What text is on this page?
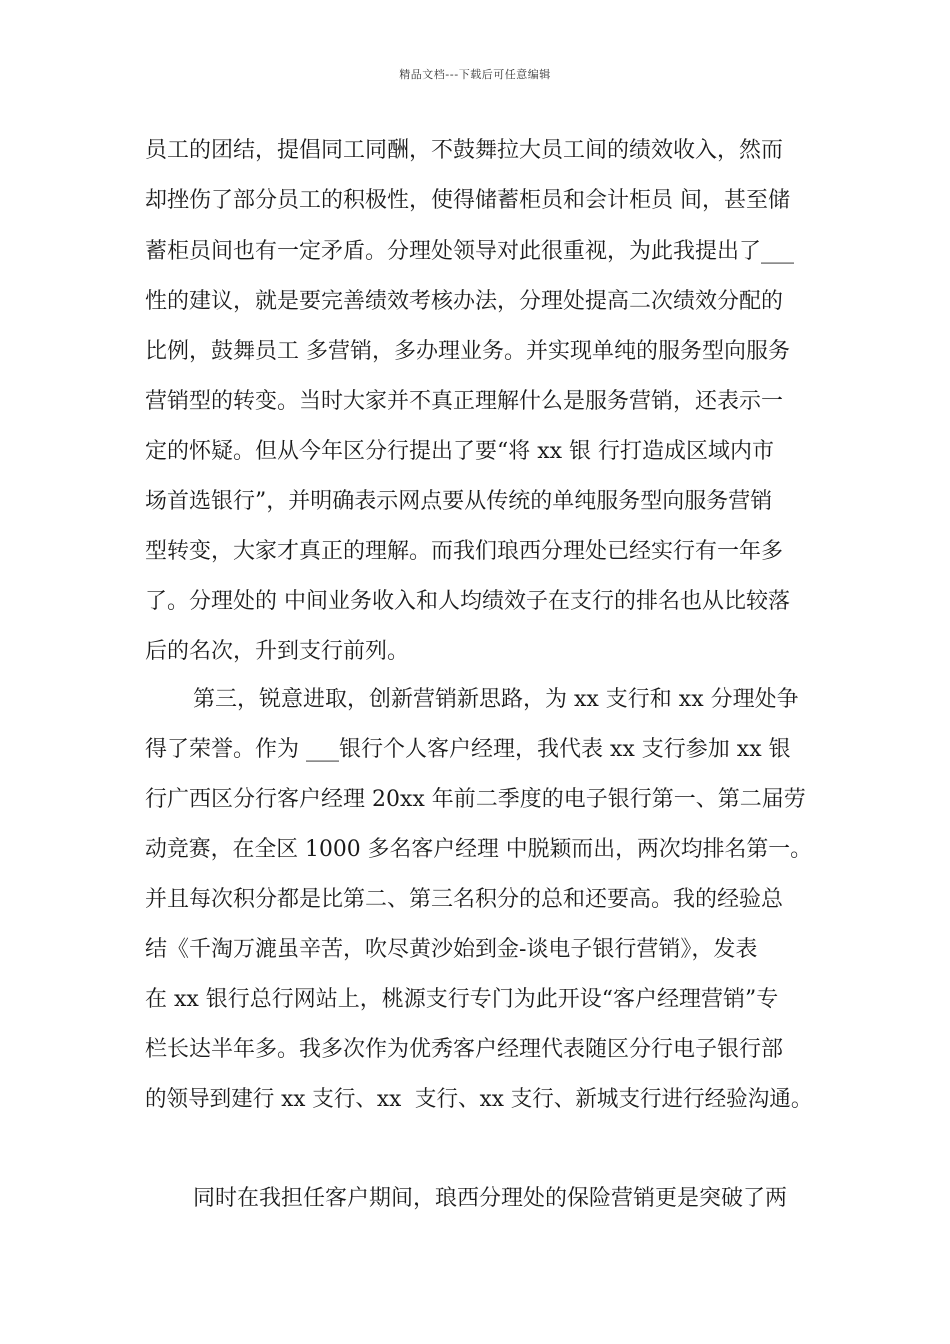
精品文档---下载后可任意编辑
员工的团结，提倡同工同酬，不鼓舞拉大员工间的绩效收入，然而
却挫伤了部分员工的积极性，使得储蓄柜员和会计柜员 间，甚至储
蓄柜员间也有一定矛盾。分理处领导对此很重视，为此我提出了___
性的建议，就是要完善绩效考核办法，分理处提高二次绩效分配的
比例，鼓舞员工 多营销，多办理业务。并实现单纯的服务型向服务
营销型的转变。当时大家并不真正理解什么是服务营销，还表示一
定的怀疑。但从今年区分行提出了要“将 xx 银 行打造成区域内市
场首选银行”，并明确表示网点要从传统的单纯服务型向服务营销
型转变，大家才真正的理解。而我们琅西分理处已经实行有一年多
了。分理处的 中间业务收入和人均绩效子在支行的排名也从比较落
后的名次，升到支行前列。
第三，锐意进取，创新营销新思路，为 xx 支行和 xx 分理处争
得了荣誉。作为 ___银行个人客户经理，我代表 xx 支行参加 xx 银
行广西区分行客户经理 20xx 年前二季度的电子银行第一、第二届劳
动竞赛，在全区 1000 多名客户经理 中脱颖而出，两次均排名第一。
并且每次积分都是比第二、第三名积分的总和还要高。我的经验总
结《千淘万漉虽辛苦，吹尽黄沙始到金-谈电子银行营销》，发表
在 xx 银行总行网站上，桃源支行专门为此开设“客户经理营销”专
栏长达半年多。我多次作为优秀客户经理代表随区分行电子银行部
的领导到建行 xx 支行、xx  支行、xx 支行、新城支行进行经验沟通。
同时在我担任客户期间，琅西分理处的保险营销更是突破了两
